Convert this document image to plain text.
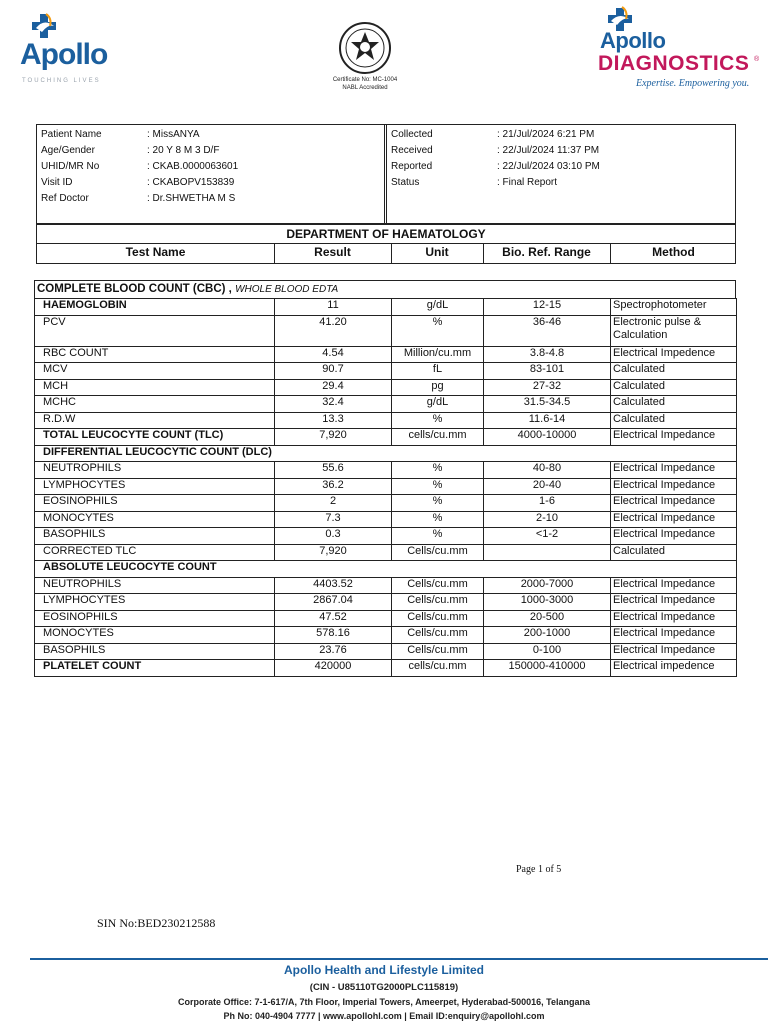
Apollo
TOUCHING LIVES	Certificate No: MC-1004
NABL Accredited
Apollo
DIAGNOSTICS ®
Expertise. Empowering you.
Patient Name	: MissANYA
Age/Gender	: 20 Y 8 M 3 D/F
UHID/MR No	: CKAB.0000063601
Visit ID	: CKABOPV153839
Ref Doctor	: Dr.SHWETHA M S
Collected	: 21/Jul/2024 6:21 PM
Received	: 22/Jul/2024 11:37 PM
Reported	: 22/Jul/2024 03:10 PM
Status	: Final Report
DEPARTMENT OF HAEMATOLOGY
Test Name	Result	Unit	Bio. Ref. Range	Method
COMPLETE BLOOD COUNT (CBC) , WHOLE BLOOD EDTA
HAEMOGLOBIN	11	g/dL	12-15	Spectrophotometer
PCV	41.20	%	36-46	Electronic pulse & Calculation
RBC COUNT	4.54	Million/cu.mm	3.8-4.8	Electrical Impedence
MCV	90.7	fL	83-101	Calculated
MCH	29.4	pg	27-32	Calculated
MCHC	32.4	g/dL	31.5-34.5	Calculated
R.D.W	13.3	%	11.6-14	Calculated
TOTAL LEUCOCYTE COUNT (TLC)	7,920	cells/cu.mm	4000-10000	Electrical Impedance
DIFFERENTIAL LEUCOCYTIC COUNT (DLC)				
NEUTROPHILS	55.6	%	40-80	Electrical Impedance
LYMPHOCYTES	36.2	%	20-40	Electrical Impedance
EOSINOPHILS	2	%	1-6	Electrical Impedance
MONOCYTES	7.3	%	2-10	Electrical Impedance
BASOPHILS	0.3	%	<1-2	Electrical Impedance
CORRECTED TLC	7,920	Cells/cu.mm		Calculated
ABSOLUTE LEUCOCYTE COUNT				
NEUTROPHILS	4403.52	Cells/cu.mm	2000-7000	Electrical Impedance
LYMPHOCYTES	2867.04	Cells/cu.mm	1000-3000	Electrical Impedance
EOSINOPHILS	47.52	Cells/cu.mm	20-500	Electrical Impedance
MONOCYTES	578.16	Cells/cu.mm	200-1000	Electrical Impedance
BASOPHILS	23.76	Cells/cu.mm	0-100	Electrical Impedance
PLATELET COUNT	420000	cells/cu.mm	150000-410000	Electrical impedence
Page 1 of 5
SIN No:BED230212588
Apollo Health and Lifestyle Limited
(CIN - U85110TG2000PLC115819)
Corporate Office: 7-1-617/A, 7th Floor, Imperial Towers, Ameerpet, Hyderabad-500016, Telangana
Ph No: 040-4904 7777 | www.apollohl.com | Email ID:enquiry@apollohl.com
